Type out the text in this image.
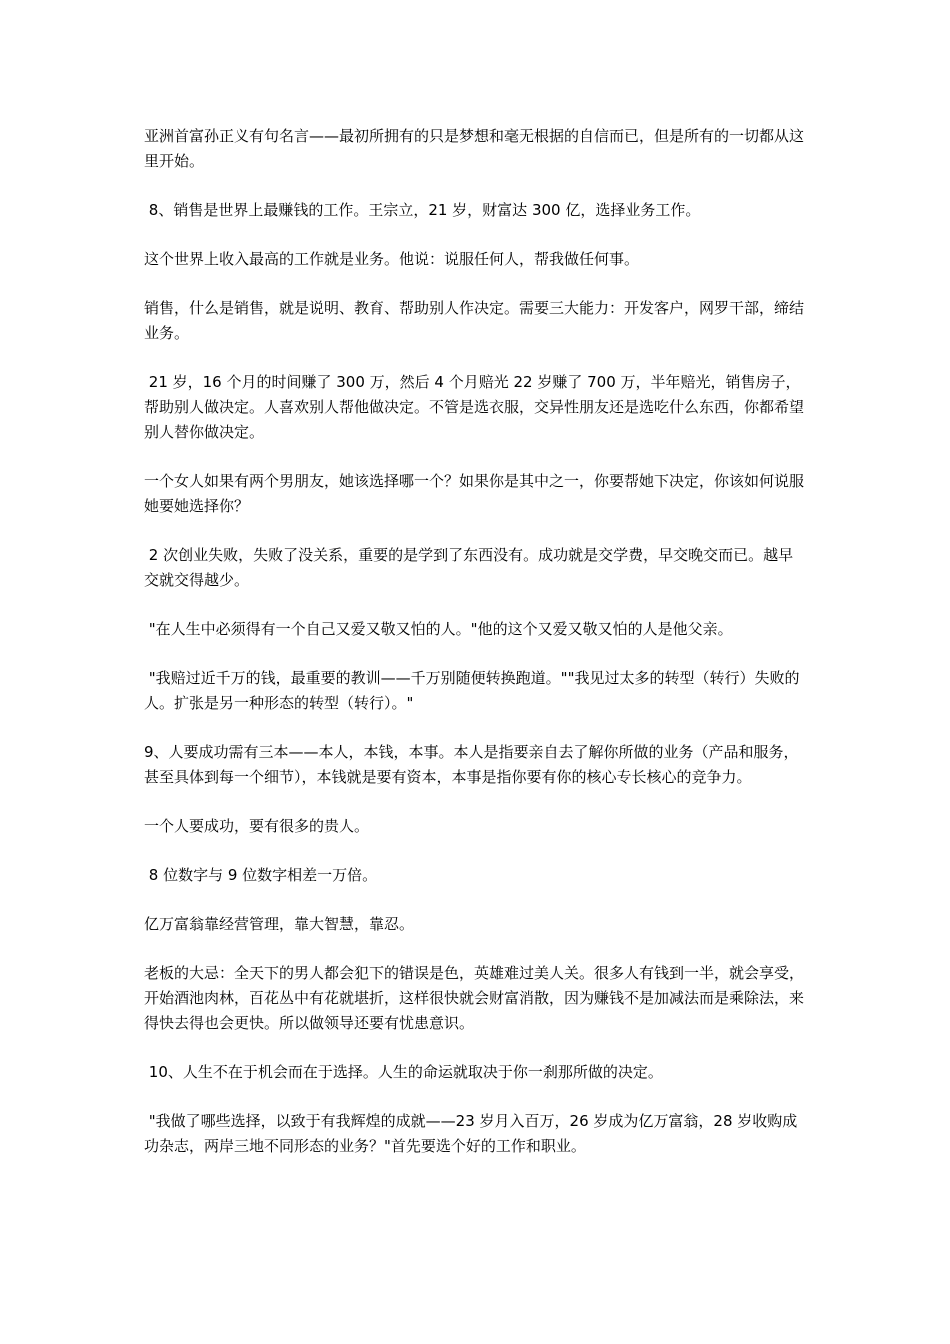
亚洲首富孙正义有句名言——最初所拥有的只是梦想和毫无根据的自信而已，但是所有的一切都从这里开始。

8、销售是世界上最赚钱的工作。王宗立，21 岁，财富达 300 亿，选择业务工作。

这个世界上收入最高的工作就是业务。他说：说服任何人，帮我做任何事。

销售，什么是销售，就是说明、教育、帮助别人作决定。需要三大能力：开发客户，网罗干部，缔结业务。

21 岁，16 个月的时间赚了 300 万，然后 4 个月赔光 22 岁赚了 700 万，半年赔光，销售房子，帮助别人做决定。人喜欢别人帮他做决定。不管是选衣服，交异性朋友还是选吃什么东西，你都希望别人替你做决定。

一个女人如果有两个男朋友，她该选择哪一个？如果你是其中之一，你要帮她下决定，你该如何说服她要她选择你？

2 次创业失败，失败了没关系，重要的是学到了东西没有。成功就是交学费，早交晚交而已。越早交就交得越少。

"在人生中必须得有一个自己又爱又敬又怕的人。"他的这个又爱又敬又怕的人是他父亲。

"我赔过近千万的钱，最重要的教训——千万别随便转换跑道。""我见过太多的转型（转行）失败的人。扩张是另一种形态的转型（转行）。"

9、人要成功需有三本——本人，本钱，本事。本人是指要亲自去了解你所做的业务（产品和服务，甚至具体到每一个细节），本钱就是要有资本，本事是指你要有你的核心专长核心的竞争力。

一个人要成功，要有很多的贵人。

8 位数字与 9 位数字相差一万倍。

亿万富翁靠经营管理，靠大智慧，靠忍。

老板的大忌：全天下的男人都会犯下的错误是色，英雄难过美人关。很多人有钱到一半，就会享受，开始酒池肉林，百花丛中有花就堪折，这样很快就会财富消散，因为赚钱不是加减法而是乘除法，来得快去得也会更快。所以做领导还要有忧患意识。

10、人生不在于机会而在于选择。人生的命运就取决于你一刹那所做的决定。

"我做了哪些选择，以致于有我辉煌的成就——23 岁月入百万，26 岁成为亿万富翁，28 岁收购成功杂志，两岸三地不同形态的业务？"首先要选个好的工作和职业。
